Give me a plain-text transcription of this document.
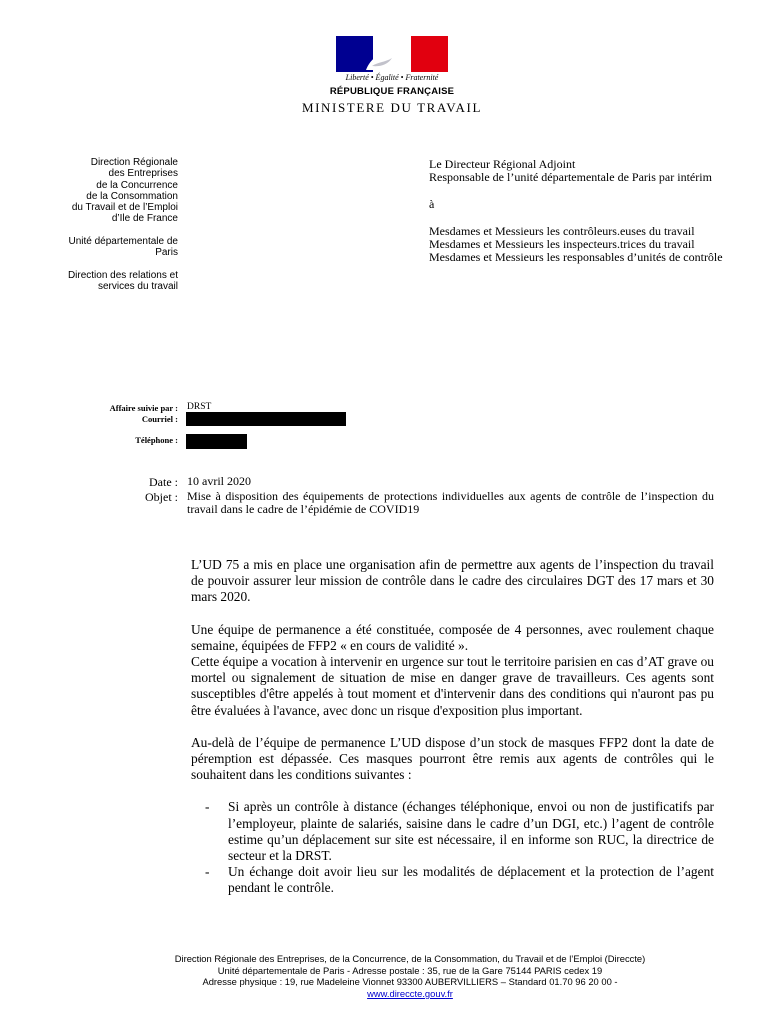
Liberté • Égalité • Fraternité
RÉPUBLIQUE FRANÇAISE
MINISTERE DU TRAVAIL
Direction Régionale
des Entreprises
de la Concurrence
de la Consommation
du Travail et de l’Emploi
d’Ile de France
Unité départementale de
Paris
Direction des relations et
services du travail

Le Directeur Régional Adjoint

Responsable de l’unité départementale de Paris par intérim

à

Mesdames et Messieurs les contrôleurs.euses du travail

Mesdames et Messieurs les inspecteurs.trices du travail

Mesdames et Messieurs les responsables d’unités de contrôle

Affaire suivie par : DRST
Courriel :
Téléphone :
Date : 10 avril 2020
Objet : Mise à disposition des équipements de protections individuelles aux agents de contrôle de l’inspection du travail dans le cadre de l’épidémie de COVID19

L’UD 75 a mis en place une organisation afin de permettre aux agents de l’inspection du travail de pouvoir assurer leur mission de contrôle dans le cadre des circulaires DGT des 17 mars et 30 mars 2020.

Une équipe de permanence a été constituée, composée de 4 personnes, avec roulement chaque semaine, équipées de FFP2 « en cours de validité ».

Cette équipe a vocation à intervenir en urgence sur tout le territoire parisien en cas d’AT grave ou mortel ou signalement de situation de mise en danger grave de travailleurs. Ces agents sont susceptibles d'être appelés à tout moment et d'intervenir dans des conditions qui n'auront pas pu être évaluées à l'avance, avec donc un risque d'exposition plus important.

Au-delà de l’équipe de permanence L’UD dispose d’un stock de masques FFP2 dont la date de péremption est dépassée. Ces masques pourront être remis aux agents de contrôles qui le souhaitent dans les conditions suivantes :

- Si après un contrôle à distance (échanges téléphonique, envoi ou non de justificatifs par l’employeur, plainte de salariés, saisine dans le cadre d’un DGI, etc.) l’agent de contrôle estime qu’un déplacement sur site est nécessaire, il en informe son RUC, la directrice de secteur et la DRST.
- Un échange doit avoir lieu sur les modalités de déplacement et la protection de l’agent pendant le contrôle.
Direction Régionale des Entreprises, de la Concurrence, de la Consommation, du Travail et de l’Emploi (Direccte)
Unité départementale de Paris - Adresse postale : 35, rue de la Gare 75144 PARIS cedex 19
Adresse physique : 19, rue Madeleine Vionnet 93300 AUBERVILLIERS – Standard 01.70 96 20 00 -
www.direccte.gouv.fr
